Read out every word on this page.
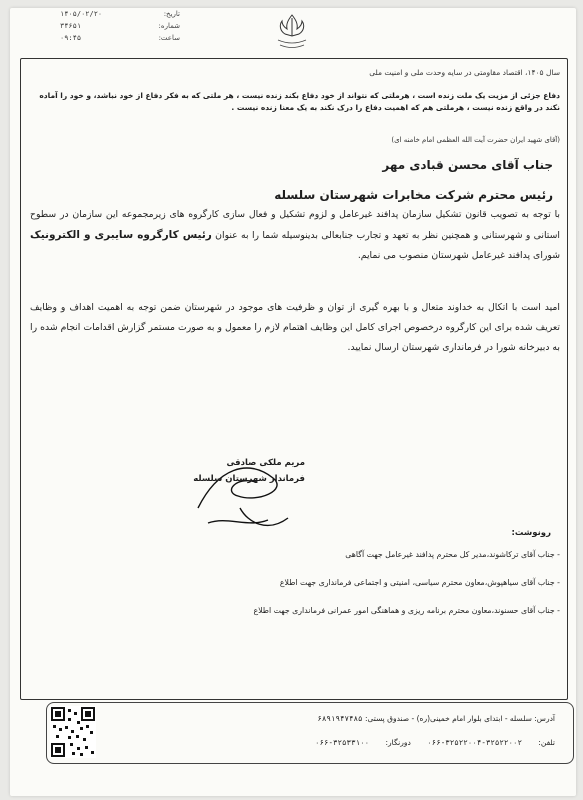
تاریخ:
۱۴۰۵/۰۲/۲۰
شماره:
۳۴۶۵۱
ساعت:
۰۹:۴۵
سال ۱۴۰۵، اقتصاد مقاومتی در سایه وحدت ملی و امنیت ملی
دفاع جزئی از مزیت یک ملت زنده است ، هرملتی که نتواند از خود دفاع بکند زنده نیست ، هر ملتی که به فکر دفاع از خود نباشد، و خود را آماده نکند در واقع زنده نیست ، هرملتی هم که اهمیت دفاع را درک نکند به یک معنا زنده نیست .
(آقای شهید ایران حضرت آیت الله العظمی امام خامنه ای)
جناب آقای محسن قبادی مهر
رئیس محترم شرکت مخابرات شهرستان سلسله
با توجه به تصویب قانون تشکیل سازمان پدافند غیرعامل و لزوم تشکیل و فعال سازی کارگروه های زیرمجموعه این سازمان در سطوح استانی و شهرستانی و همچنین نظر به تعهد و تجارب جنابعالی بدینوسیله شما را به عنوان رئیس کارگروه سایبری و الکترونیک شورای پدافند غیرعامل شهرستان منصوب می نمایم.
امید است با اتکال به خداوند متعال و با بهره گیری از توان و ظرفیت های موجود در شهرستان ضمن توجه به اهمیت اهداف و وظایف تعریف شده برای این کارگروه درخصوص اجرای کامل این وظایف اهتمام لازم را معمول و به صورت مستمر گزارش اقدامات انجام شده را به دبیرخانه شورا در فرمانداری شهرستان ارسال نمایید.
مریم ملکی صادقی
فرماندار شهرستان سلسله
رونوشت:
- جناب آقای ترکاشوند،مدیر کل محترم پدافند غیرعامل جهت آگاهی
- جناب آقای سیاهپوش،معاون محترم سیاسی، امنیتی و اجتماعی فرمانداری جهت اطلاع
- جناب آقای حسنوند،معاون محترم برنامه ریزی و هماهنگی امور عمرانی فرمانداری جهت اطلاع
آدرس: سلسله - ابتدای بلوار امام خمینی(ره) - صندوق پستی: ۶۸۹۱۹۴۷۴۸۵
تلفن: ۰۶۶-۳۲۵۲۲۰۰۴-۳۲۵۲۲۰۰۲ دورنگار: ۰۶۶-۳۲۵۳۳۱۰۰
